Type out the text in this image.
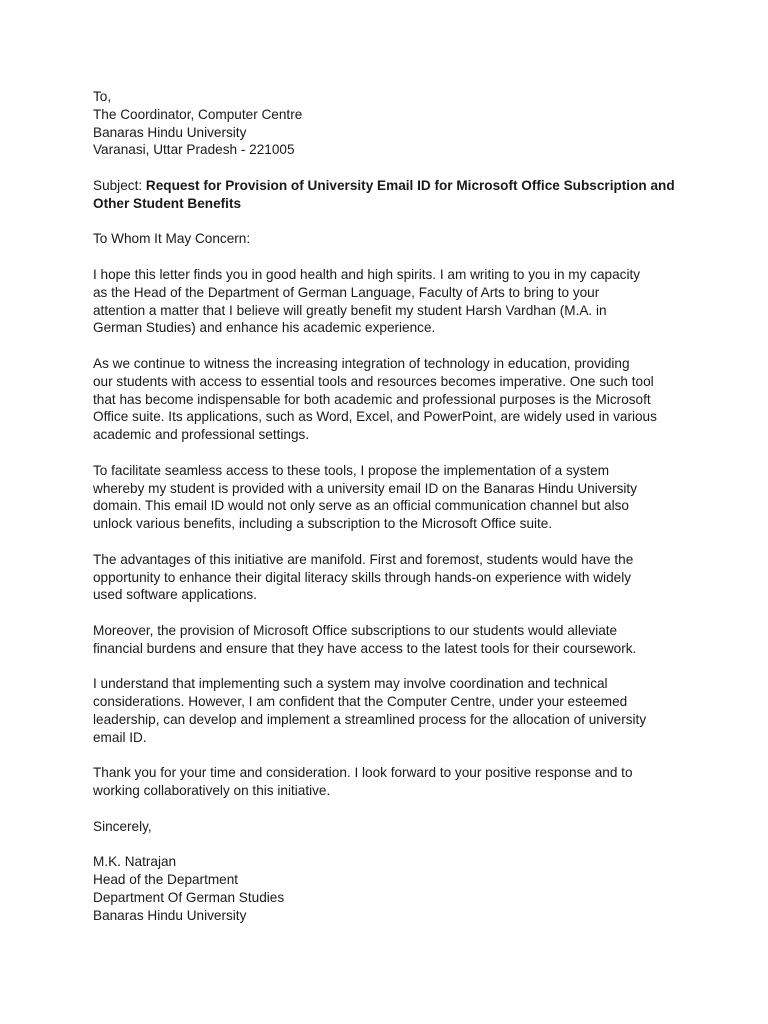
To,
The Coordinator, Computer Centre
Banaras Hindu University
Varanasi, Uttar Pradesh - 221005
Subject: Request for Provision of University Email ID for Microsoft Office Subscription and
Other Student Benefits
To Whom It May Concern:
I hope this letter finds you in good health and high spirits. I am writing to you in my capacity
as the Head of the Department of German Language, Faculty of Arts to bring to your
attention a matter that I believe will greatly benefit my student Harsh Vardhan (M.A. in
German Studies) and enhance his academic experience.
As we continue to witness the increasing integration of technology in education, providing
our students with access to essential tools and resources becomes imperative. One such tool
that has become indispensable for both academic and professional purposes is the Microsoft
Office suite. Its applications, such as Word, Excel, and PowerPoint, are widely used in various
academic and professional settings.
To facilitate seamless access to these tools, I propose the implementation of a system
whereby my student is provided with a university email ID on the Banaras Hindu University
domain. This email ID would not only serve as an official communication channel but also
unlock various benefits, including a subscription to the Microsoft Office suite.
The advantages of this initiative are manifold. First and foremost, students would have the
opportunity to enhance their digital literacy skills through hands-on experience with widely
used software applications.
Moreover, the provision of Microsoft Office subscriptions to our students would alleviate
financial burdens and ensure that they have access to the latest tools for their coursework.
I understand that implementing such a system may involve coordination and technical
considerations. However, I am confident that the Computer Centre, under your esteemed
leadership, can develop and implement a streamlined process for the allocation of university
email ID.
Thank you for your time and consideration. I look forward to your positive response and to
working collaboratively on this initiative.
Sincerely,
M.K. Natrajan
Head of the Department
Department Of German Studies
Banaras Hindu University
